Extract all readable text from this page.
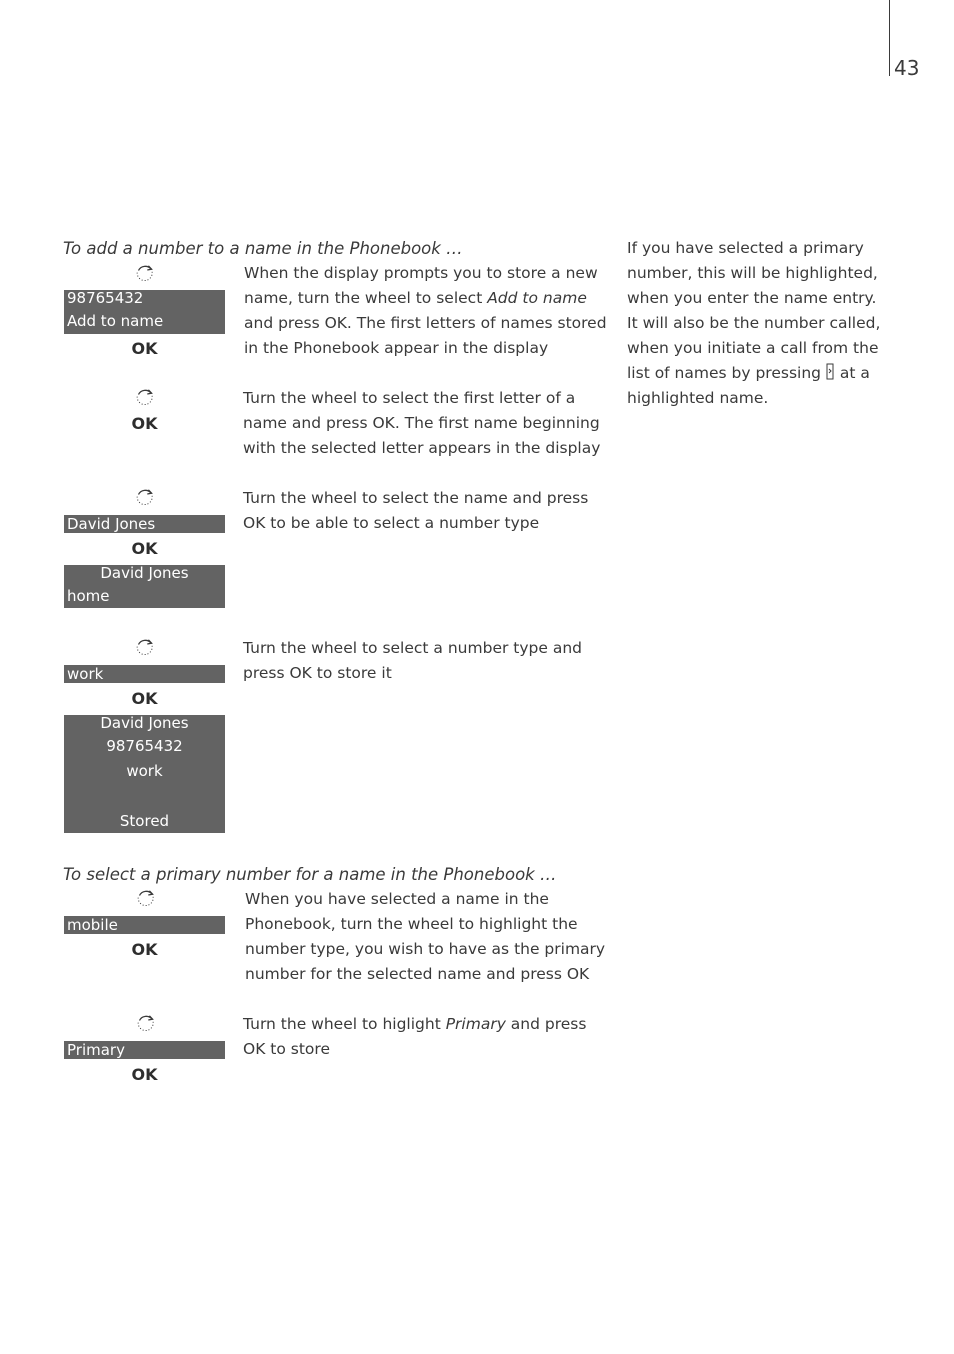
43
To add a number to a name in the Phonebook …
98765432
Add to name
OK
When the display prompts you to store a new name, turn the wheel to select Add to name and press OK. The first letters of names stored in the Phonebook appear in the display
OK
Turn the wheel to select the first letter of a name and press OK. The first name beginning with the selected letter appears in the display
David Jones
OK
David Jones
home
Turn the wheel to select the name and press OK to be able to select a number type
work
OK
David Jones
98765432
work
Stored
Turn the wheel to select a number type and press OK to store it
To select a primary number for a name in the Phonebook …
mobile
OK
When you have selected a name in the Phonebook, turn the wheel to highlight the number type, you wish to have as the primary number for the selected name and press OK
Primary
OK
Turn the wheel to higlight Primary and press OK to store
If you have selected a primary number, this will be highlighted, when you enter the name entry. It will also be the number called, when you initiate a call from the list of names by pressing  at a highlighted name.
